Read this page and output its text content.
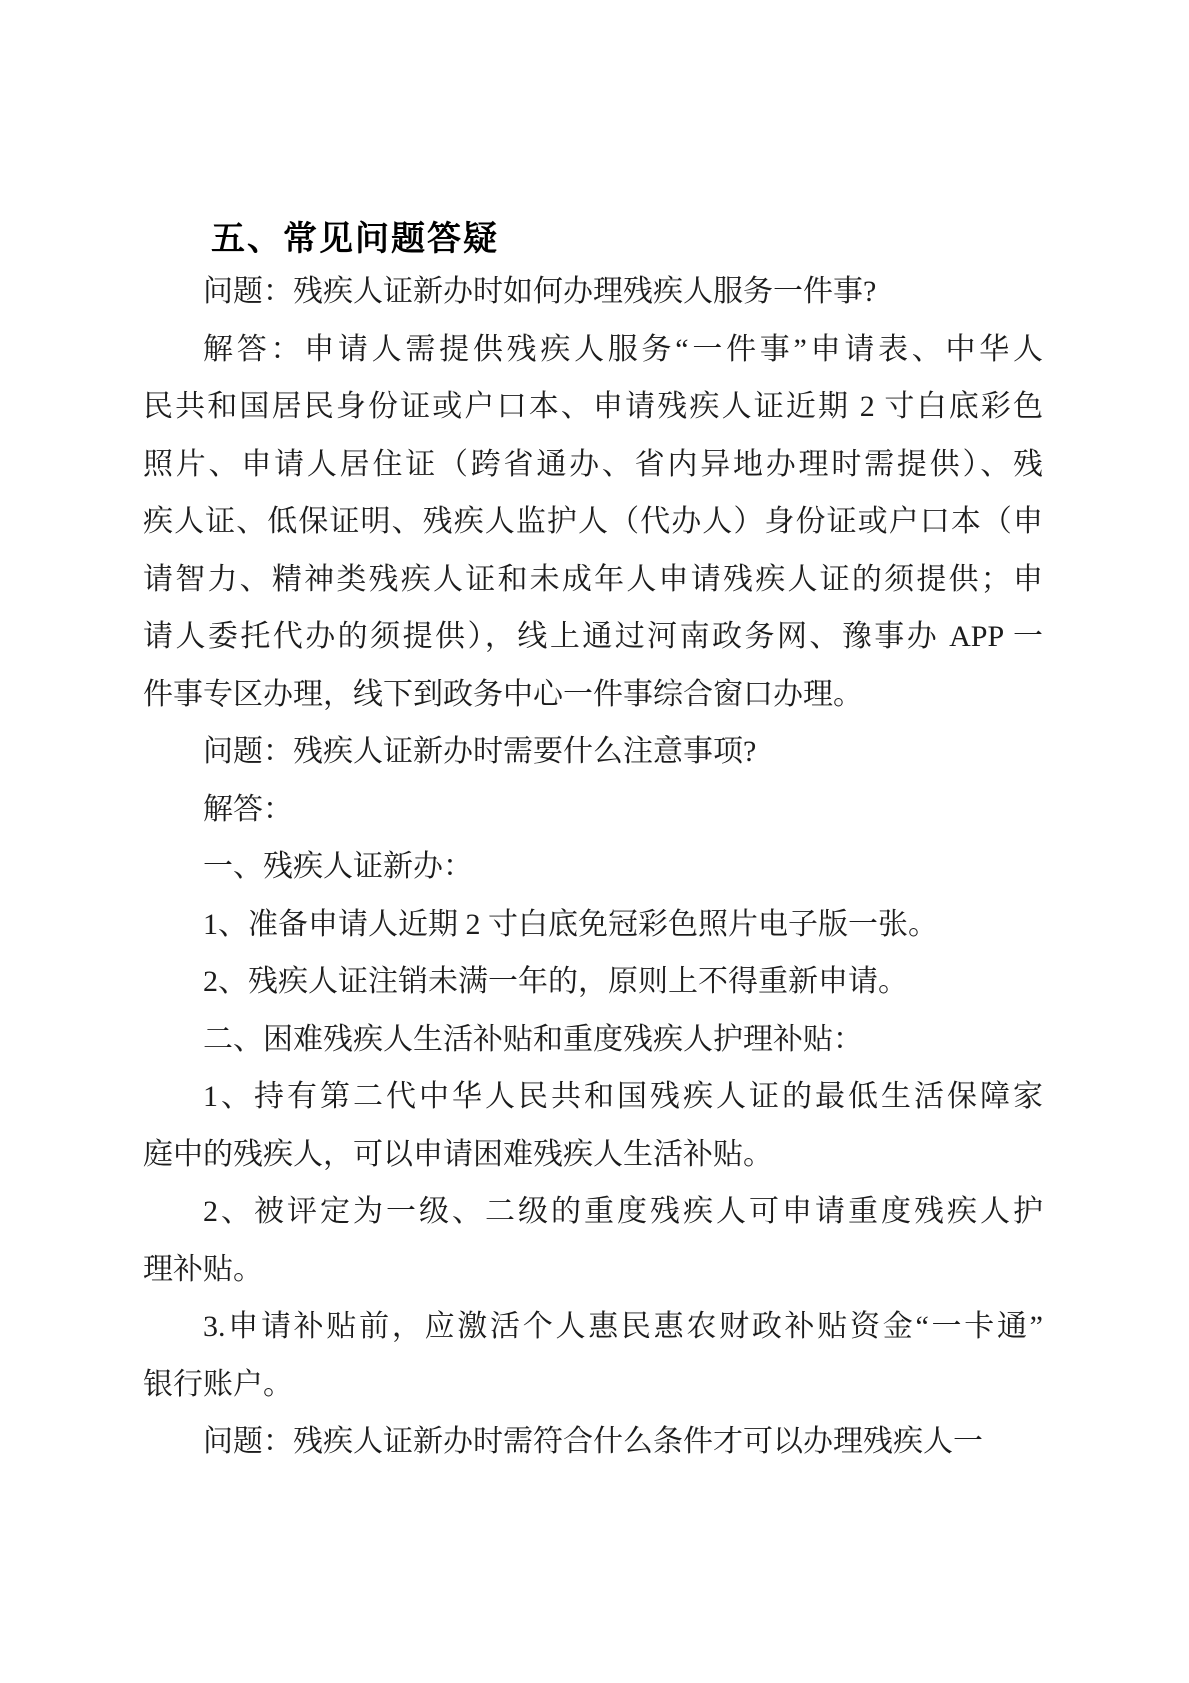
五、常见问题答疑
问题：残疾人证新办时如何办理残疾人服务一件事?
解答：申请人需提供残疾人服务“一件事”申请表、中华人
民共和国居民身份证或户口本、申请残疾人证近期 2 寸白底彩色
照片、申请人居住证（跨省通办、省内异地办理时需提供）、残
疾人证、低保证明、残疾人监护人（代办人）身份证或户口本（申
请智力、精神类残疾人证和未成年人申请残疾人证的须提供；申
请人委托代办的须提供），线上通过河南政务网、豫事办 APP 一
件事专区办理，线下到政务中心一件事综合窗口办理。
问题：残疾人证新办时需要什么注意事项?
解答：
一、残疾人证新办：
1、准备申请人近期 2 寸白底免冠彩色照片电子版一张。
2、残疾人证注销未满一年的，原则上不得重新申请。
二、困难残疾人生活补贴和重度残疾人护理补贴：
1、持有第二代中华人民共和国残疾人证的最低生活保障家
庭中的残疾人，可以申请困难残疾人生活补贴。
2、被评定为一级、二级的重度残疾人可申请重度残疾人护
理补贴。
3.申请补贴前，应激活个人惠民惠农财政补贴资金“一卡通”
银行账户。
问题：残疾人证新办时需符合什么条件才可以办理残疾人一
